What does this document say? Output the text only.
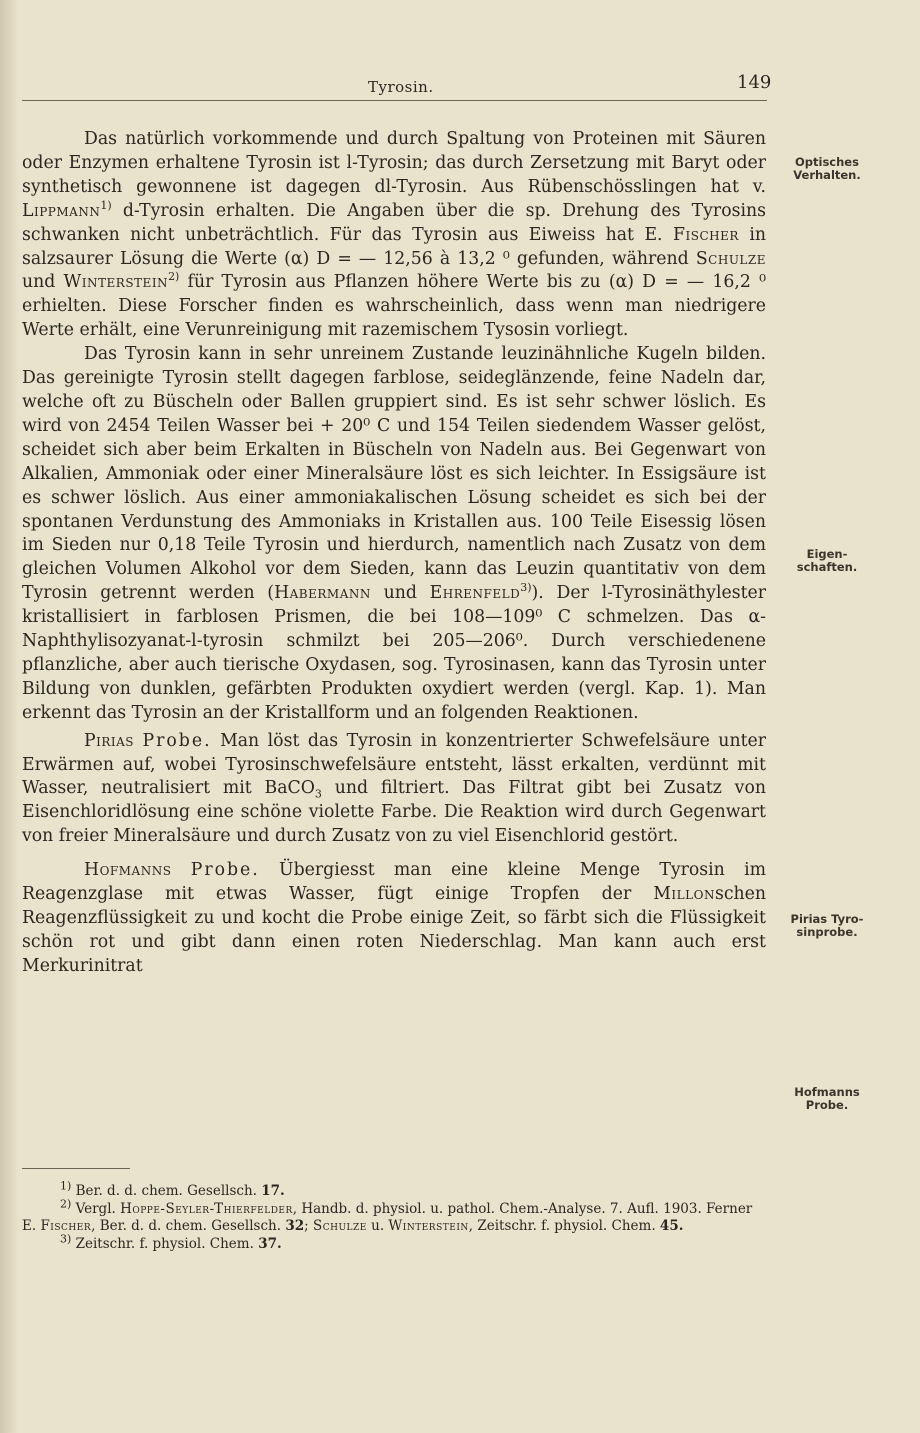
Tyrosin.	149

Das natürlich vorkommende und durch Spaltung von Proteinen mit Säuren oder Enzymen erhaltene Tyrosin ist l-Tyrosin; das durch Zersetzung mit Baryt oder synthetisch gewonnene ist dagegen dl-Tyrosin. Aus Rübenschösslingen hat v. Lippmann$^{1)}$ d-Tyrosin erhalten. Die Angaben über die sp. Drehung des Tyrosins schwanken nicht unbeträchtlich. Für das Tyrosin aus Eiweiss hat E. Fischer in salzsaurer Lösung die Werte (α) D = — 12,56 à 13,2 ⁰ gefunden, während Schulze und Winterstein$^{2)}$ für Tyrosin aus Pflanzen höhere Werte bis zu (α) D = — 16,2 ⁰ erhielten. Diese Forscher finden es wahrscheinlich, dass wenn man niedrigere Werte erhält, eine Verunreinigung mit razemischem Tysosin vorliegt.

Das Tyrosin kann in sehr unreinem Zustande leuzinähnliche Kugeln bilden. Das gereinigte Tyrosin stellt dagegen farblose, seideglänzende, feine Nadeln dar, welche oft zu Büscheln oder Ballen gruppiert sind. Es ist sehr schwer löslich. Es wird von 2454 Teilen Wasser bei + 20⁰ C und 154 Teilen siedendem Wasser gelöst, scheidet sich aber beim Erkalten in Büscheln von Nadeln aus. Bei Gegenwart von Alkalien, Ammoniak oder einer Mineralsäure löst es sich leichter. In Essigsäure ist es schwer löslich. Aus einer ammoniakalischen Lösung scheidet es sich bei der spontanen Verdunstung des Ammoniaks in Kristallen aus. 100 Teile Eisessig lösen im Sieden nur 0,18 Teile Tyrosin und hierdurch, namentlich nach Zusatz von dem gleichen Volumen Alkohol vor dem Sieden, kann das Leuzin quantitativ von dem Tyrosin getrennt werden (Habermann und Ehrenfeld$^{3)}$). Der l-Tyrosinäthylester kristallisiert in farblosen Prismen, die bei 108—109⁰ C schmelzen. Das α-Naphthylisozyanat-l-tyrosin schmilzt bei 205—206⁰. Durch verschiedenene pflanzliche, aber auch tierische Oxydasen, sog. Tyrosinasen, kann das Tyrosin unter Bildung von dunklen, gefärbten Produkten oxydiert werden (vergl. Kap. 1). Man erkennt das Tyrosin an der Kristallform und an folgenden Reaktionen.

Pirias Probe. Man löst das Tyrosin in konzentrierter Schwefelsäure unter Erwärmen auf, wobei Tyrosinschwefelsäure entsteht, lässt erkalten, verdünnt mit Wasser, neutralisiert mit BaCO$_3$ und filtriert. Das Filtrat gibt bei Zusatz von Eisenchloridlösung eine schöne violette Farbe. Die Reaktion wird durch Gegenwart von freier Mineralsäure und durch Zusatz von zu viel Eisenchlorid gestört.

Hofmanns Probe. Übergiesst man eine kleine Menge Tyrosin im Reagenzglase mit etwas Wasser, fügt einige Tropfen der Millonschen Reagenzflüssigkeit zu und kocht die Probe einige Zeit, so färbt sich die Flüssigkeit schön rot und gibt dann einen roten Niederschlag. Man kann auch erst Merkurinitrat

Optisches Verhalten.
Eigen-schaften.
Pirias Tyro-sinprobe.
Hofmanns Probe.

$^{1)}$ Ber. d. d. chem. Gesellsch. 17.

$^{2)}$ Vergl. Hoppe-Seyler-Thierfelder, Handb. d. physiol. u. pathol. Chem.-Analyse. 7. Aufl. 1903. Ferner E. Fischer, Ber. d. d. chem. Gesellsch. 32; Schulze u. Winterstein, Zeitschr. f. physiol. Chem. 45.

$^{3)}$ Zeitschr. f. physiol. Chem. 37.
